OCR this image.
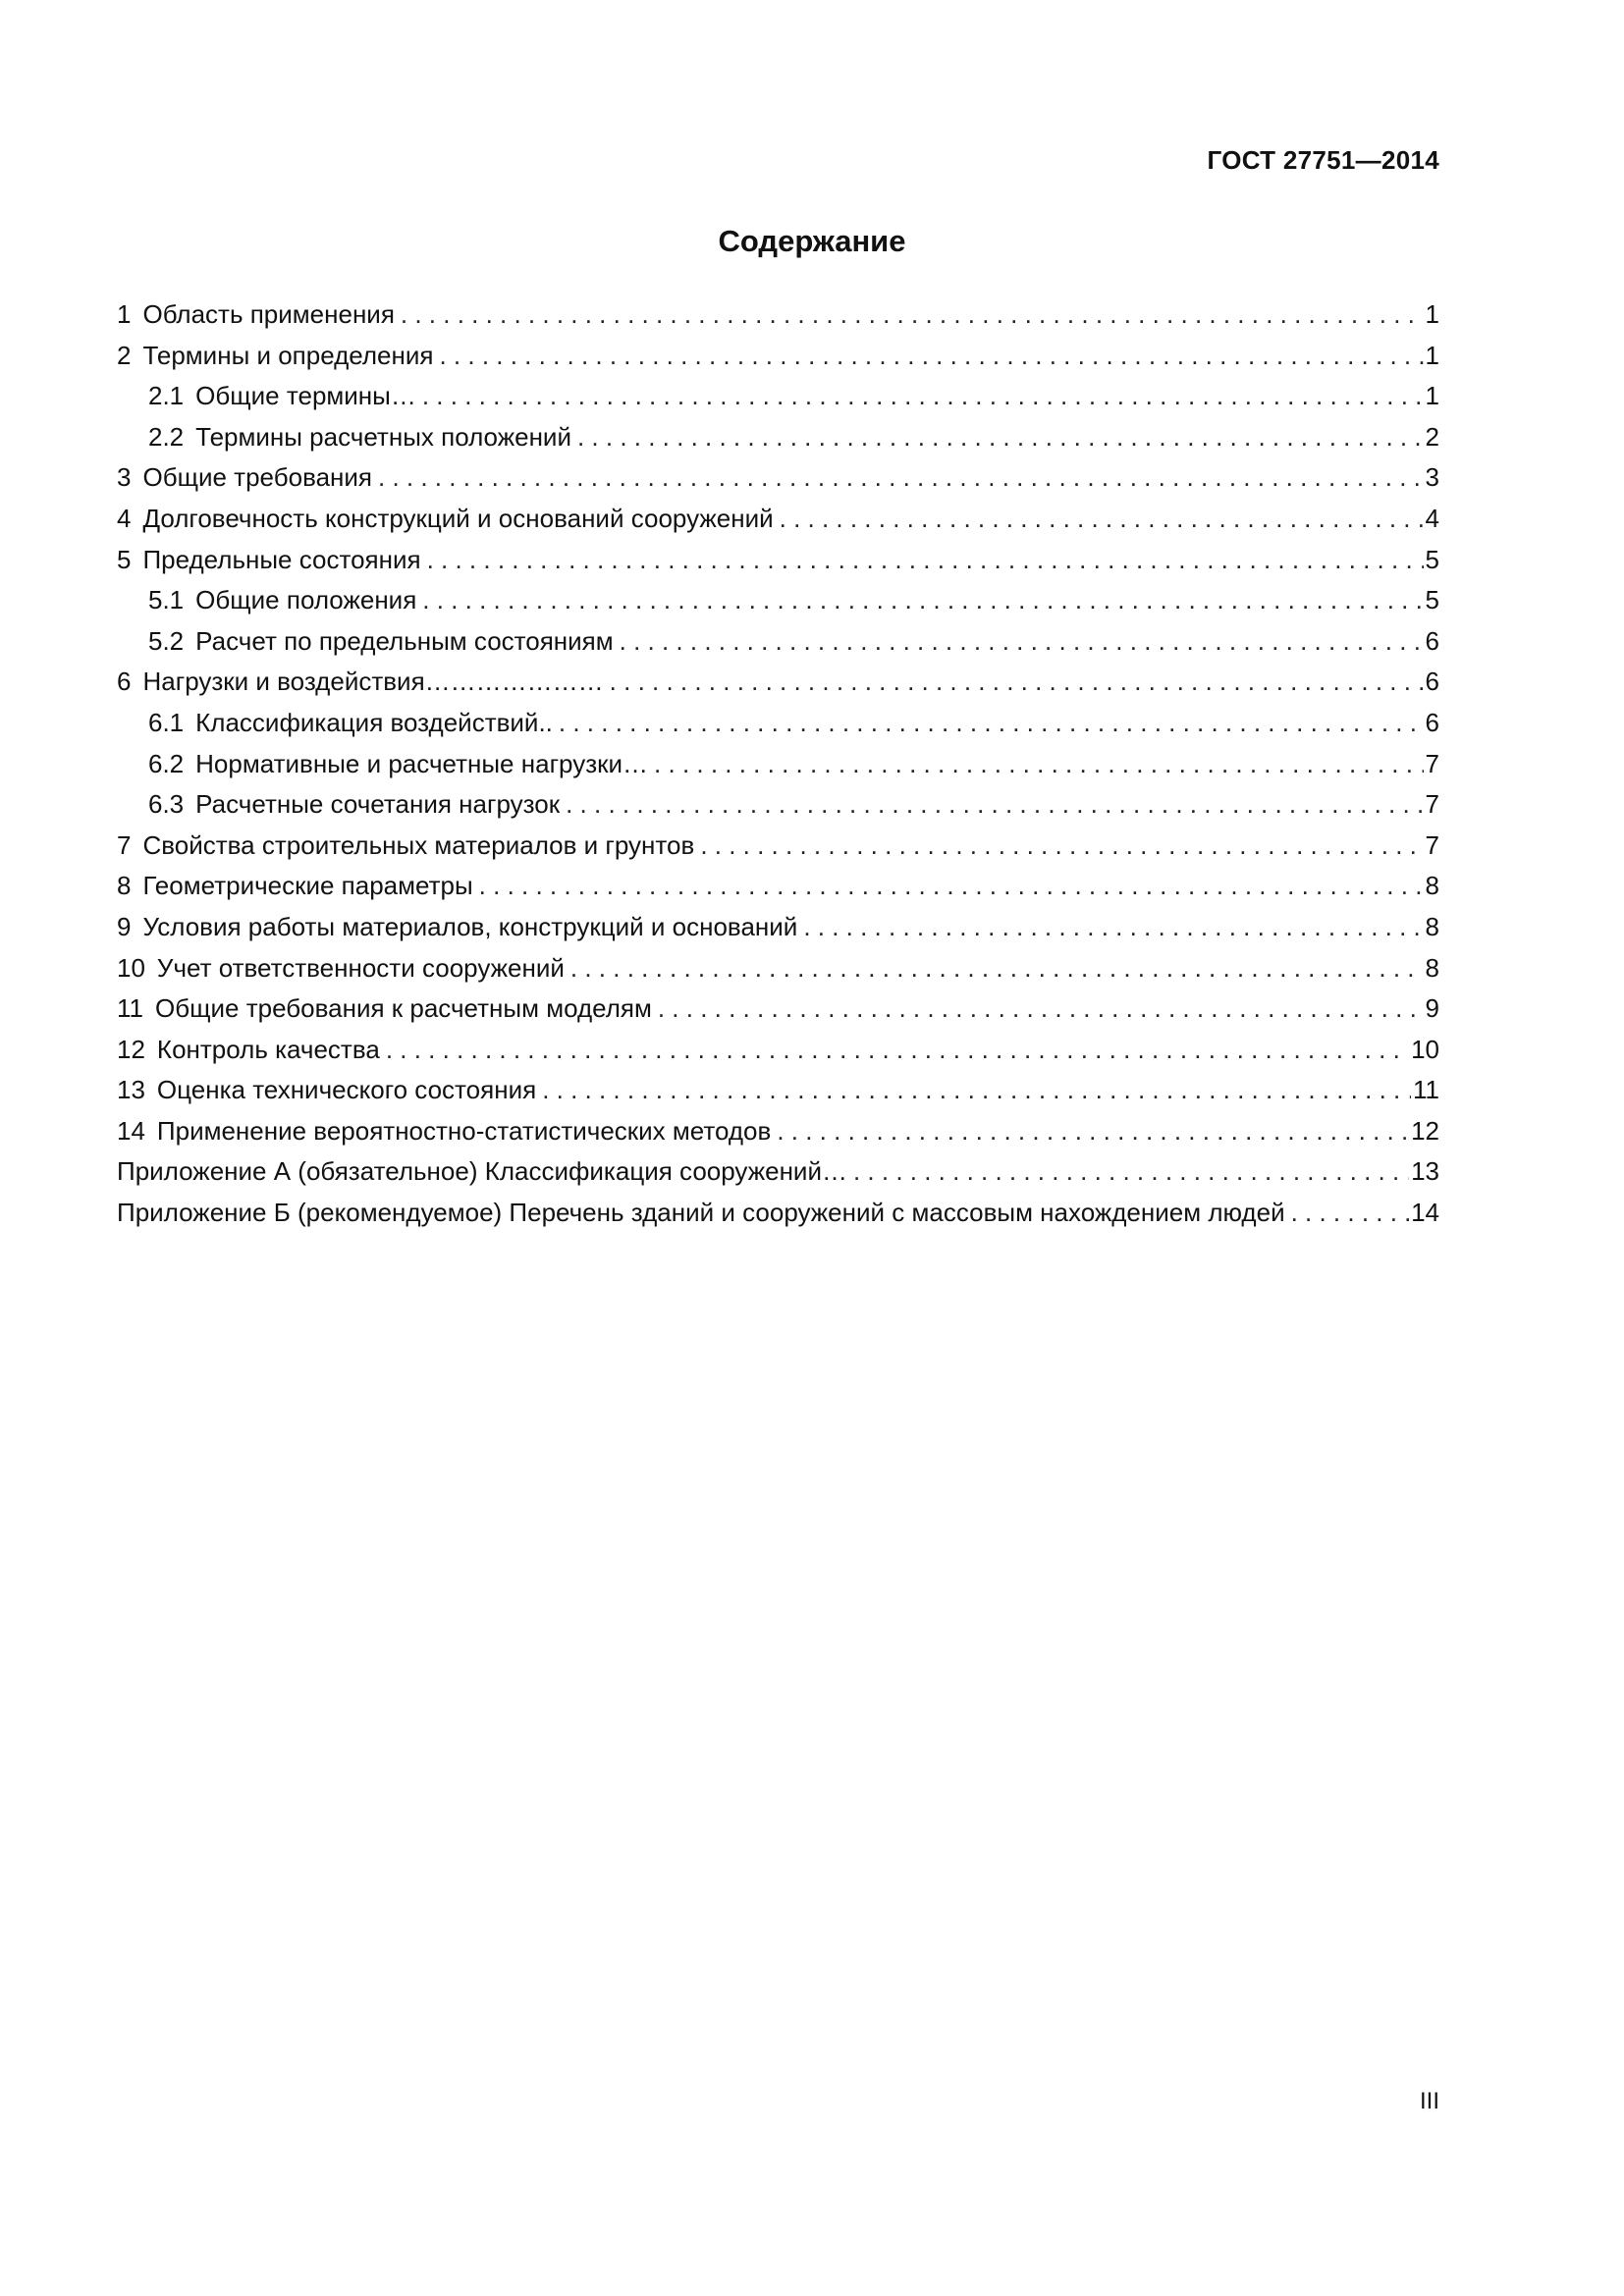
ГОСТ 27751—2014
Содержание
1 Область применения . . .	1
2 Термины и определения . . .	1
2.1 Общие термины… . . .	1
2.2 Термины расчетных положений . . .	2
3 Общие требования . . .	3
4 Долговечность конструкций и оснований сооружений . . .	4
5 Предельные состояния . . .	5
5.1 Общие положения . . .	5
5.2 Расчет по предельным состояниям . . .	6
6 Нагрузки и воздействия………………… . . .	6
6.1 Классификация воздействий.. . . .	6
6.2 Нормативные и расчетные нагрузки… . . .	7
6.3 Расчетные сочетания нагрузок . . .	7
7 Свойства строительных материалов и грунтов . . .	7
8 Геометрические параметры . . .	8
9 Условия работы материалов, конструкций и оснований . . .	8
10 Учет ответственности сооружений . . .	8
11 Общие требования к расчетным моделям . . .	9
12 Контроль качества . . .	10
13 Оценка технического состояния . . .	11
14 Применение вероятностно-статистических методов . . .	12
Приложение А (обязательное) Классификация сооружений… . . .	13
Приложение Б (рекомендуемое) Перечень зданий и сооружений с массовым нахождением людей . . .	14
III
